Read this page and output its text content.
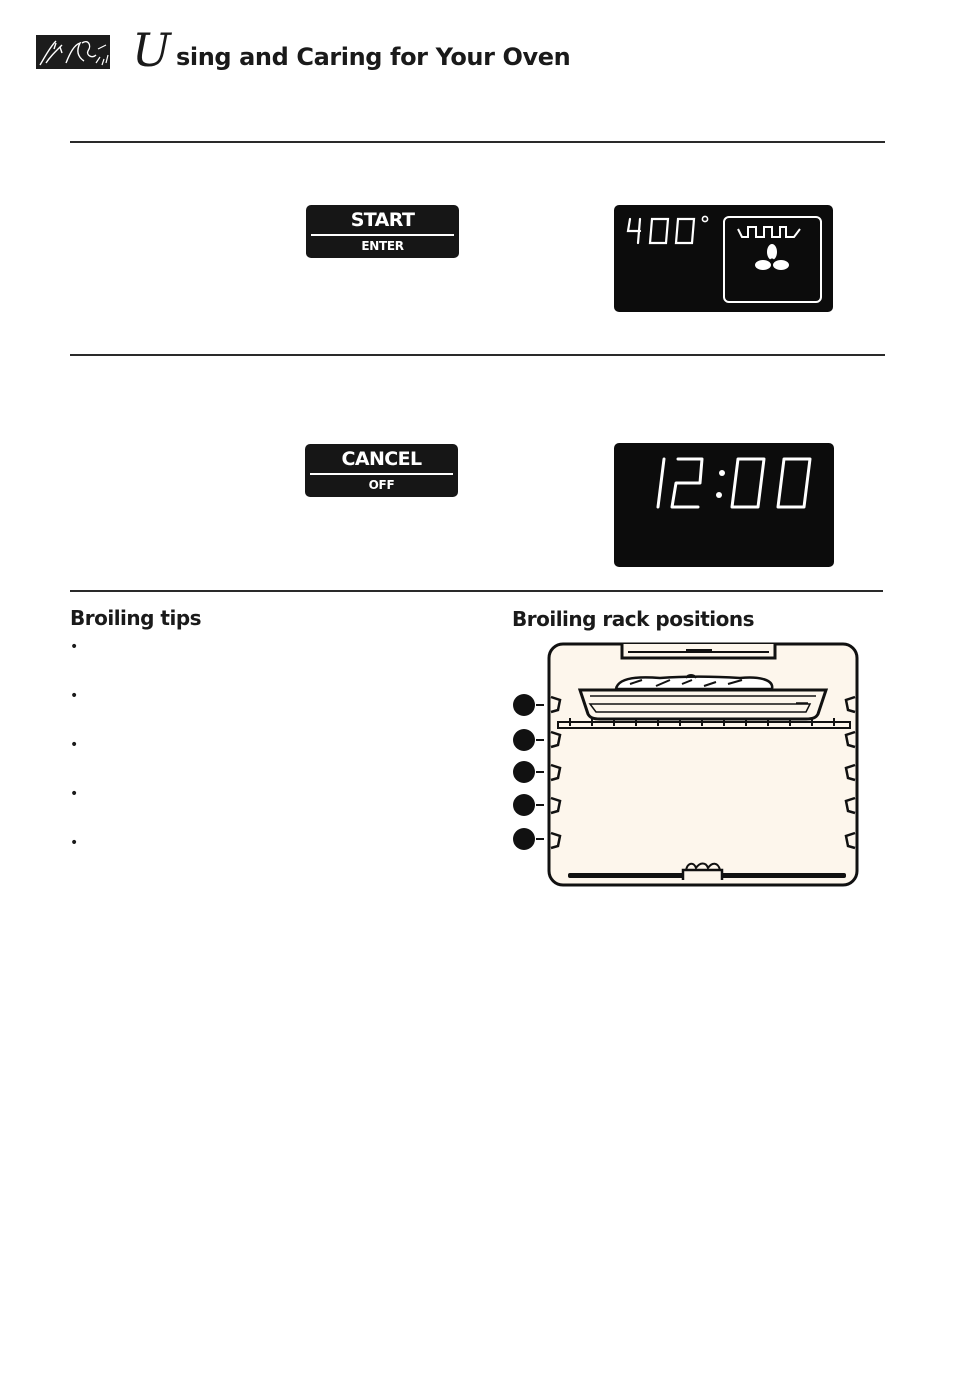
U sing and Caring for Your Oven
START
ENTER
CANCEL
OFF
Broiling tips
•
•
•
•
•
Broiling rack positions
